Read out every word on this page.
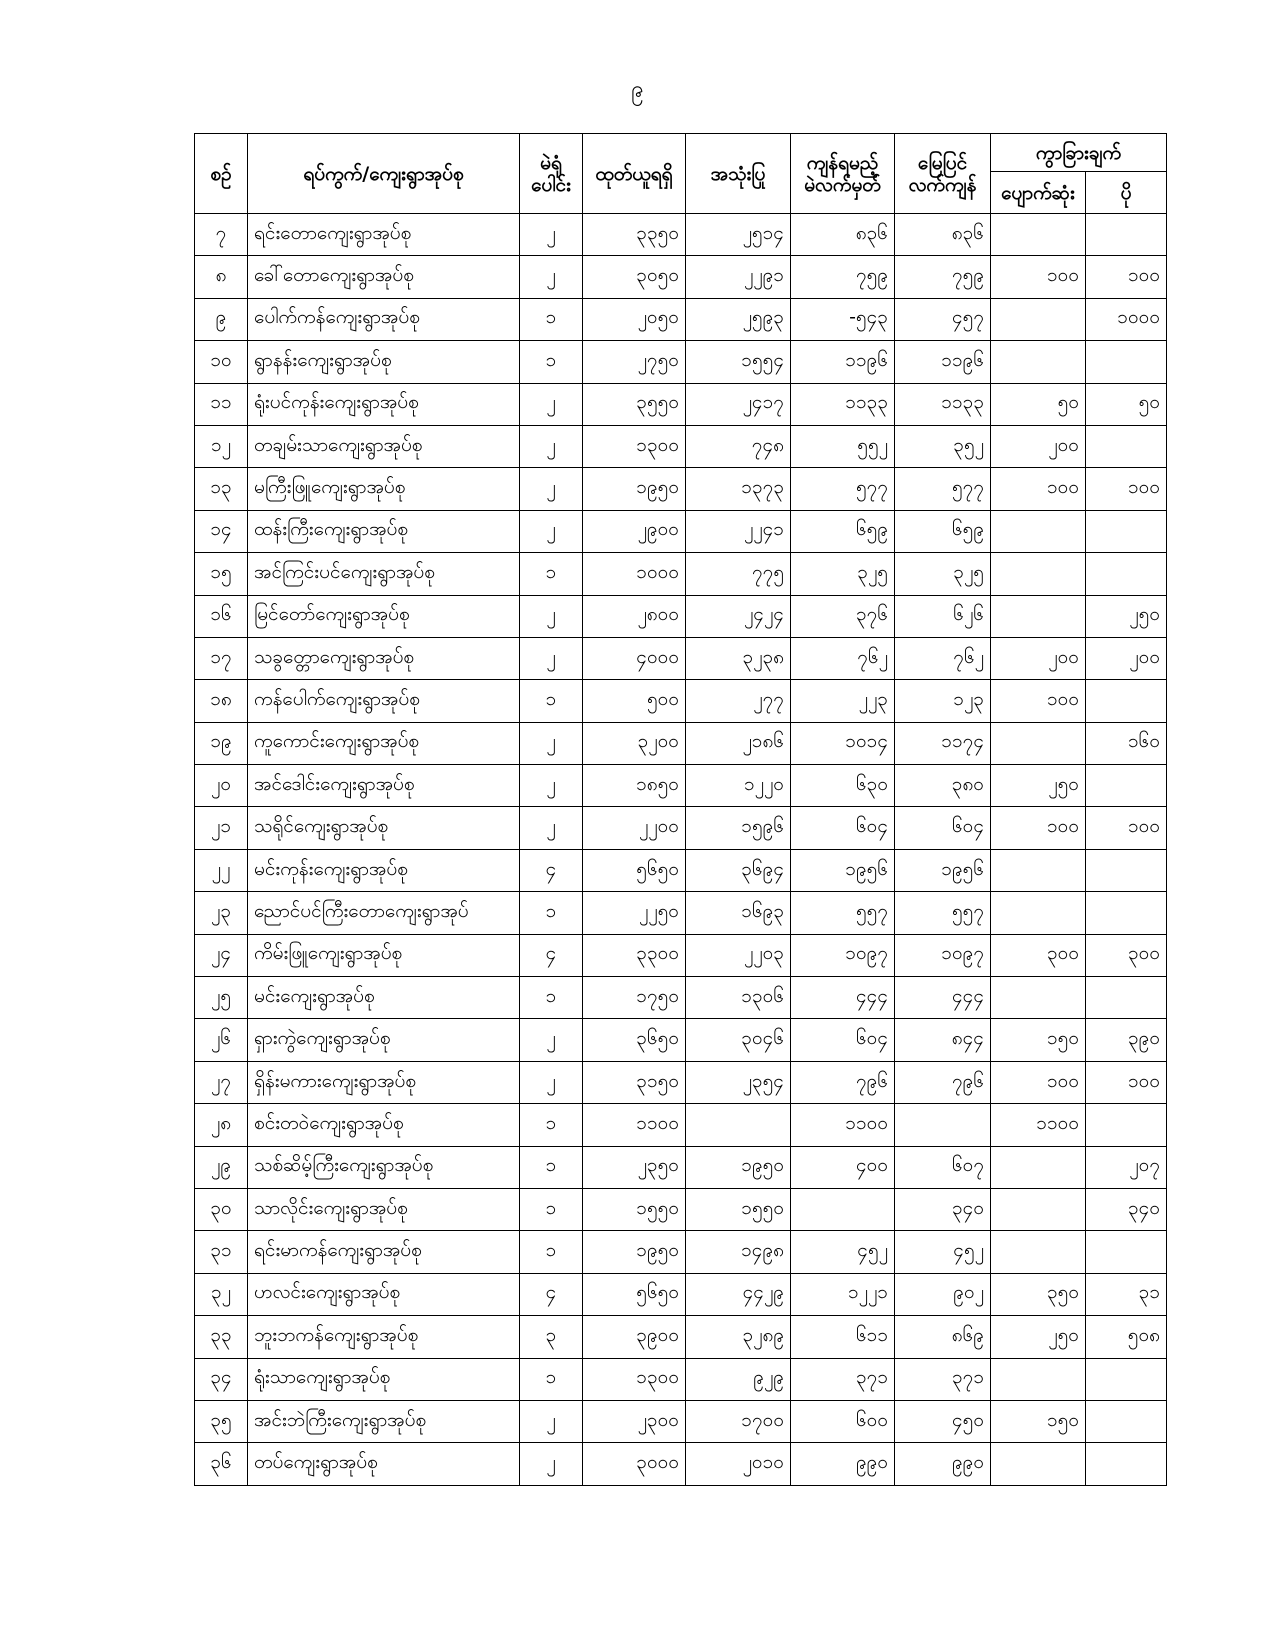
၉
စဉ်	ရပ်ကွက်/ကျေးရွာအုပ်စု	မဲရုံ
ပေါင်း	ထုတ်ယူရရှိ	အသုံးပြု	ကျန်ရမည့်
မဲလက်မှတ်	မြေပြင်
လက်ကျန်	ကွာခြားချက်	
							ပျောက်ဆုံး	ပို
၇	ရင်းတောကျေးရွာအုပ်စု	၂	၃၃၅၀	၂၅၁၄	၈၃၆	၈၃၆		
၈	ခေါ်တောကျေးရွာအုပ်စု	၂	၃၀၅၀	၂၂၉၁	၇၅၉	၇၅၉	၁၀၀	၁၀၀
၉	ပေါက်ကန်ကျေးရွာအုပ်စု	၁	၂၀၅၀	၂၅၉၃	-၅၄၃	၄၅၇		၁၀၀၀
၁၀	ရွာနန်းကျေးရွာအုပ်စု	၁	၂၇၅၀	၁၅၅၄	၁၁၉၆	၁၁၉၆		
၁၁	ရုံးပင်ကုန်းကျေးရွာအုပ်စု	၂	၃၅၅၀	၂၄၁၇	၁၁၃၃	၁၁၃၃	၅၀	၅၀
၁၂	တချမ်းသာကျေးရွာအုပ်စု	၂	၁၃၀၀	၇၄၈	၅၅၂	၃၅၂	၂၀၀	
၁၃	မကြီးဖြူကျေးရွာအုပ်စု	၂	၁၉၅၀	၁၃၇၃	၅၇၇	၅၇၇	၁၀၀	၁၀၀
၁၄	ထန်းကြီးကျေးရွာအုပ်စု	၂	၂၉၀၀	၂၂၄၁	၆၅၉	၆၅၉		
၁၅	အင်ကြင်းပင်ကျေးရွာအုပ်စု	၁	၁၀၀၀	၇၇၅	၃၂၅	၃၂၅		
၁၆	မြင်တော်ကျေးရွာအုပ်စု	၂	၂၈၀၀	၂၄၂၄	၃၇၆	၆၂၆		၂၅၀
၁၇	သခွတ္တောကျေးရွာအုပ်စု	၂	၄၀၀၀	၃၂၃၈	၇၆၂	၇၆၂	၂၀၀	၂၀၀
၁၈	ကန်ပေါက်ကျေးရွာအုပ်စု	၁	၅၀၀	၂၇၇	၂၂၃	၁၂၃	၁၀၀	
၁၉	ကူကောင်းကျေးရွာအုပ်စု	၂	၃၂၀၀	၂၁၈၆	၁၀၁၄	၁၁၇၄		၁၆၀
၂၀	အင်ဒေါင်းကျေးရွာအုပ်စု	၂	၁၈၅၀	၁၂၂၀	၆၃၀	၃၈၀	၂၅၀	
၂၁	သရိုင်ကျေးရွာအုပ်စု	၂	၂၂၀၀	၁၅၉၆	၆၀၄	၆၀၄	၁၀၀	၁၀၀
၂၂	မင်းကုန်းကျေးရွာအုပ်စု	၄	၅၆၅၀	၃၆၉၄	၁၉၅၆	၁၉၅၆		
၂၃	ညောင်ပင်ကြီးတောကျေးရွာအုပ်	၁	၂၂၅၀	၁၆၉၃	၅၅၇	၅၅၇		
၂၄	ကိမ်းဖြူကျေးရွာအုပ်စု	၄	၃၃၀၀	၂၂၀၃	၁၀၉၇	၁၀၉၇	၃၀၀	၃၀၀
၂၅	မင်းကျေးရွာအုပ်စု	၁	၁၇၅၀	၁၃၀၆	၄၄၄	၄၄၄		
၂၆	ရှားကွဲကျေးရွာအုပ်စု	၂	၃၆၅၀	၃၀၄၆	၆၀၄	၈၄၄	၁၅၀	၃၉၀
၂၇	ရှိန်းမကားကျေးရွာအုပ်စု	၂	၃၁၅၀	၂၃၅၄	၇၉၆	၇၉၆	၁၀၀	၁၀၀
၂၈	စင်းတဝဲကျေးရွာအုပ်စု	၁	၁၁၀၀		၁၁၀၀		၁၁၀၀	
၂၉	သစ်ဆိမ့်ကြီးကျေးရွာအုပ်စု	၁	၂၃၅၀	၁၉၅၀	၄၀၀	၆၀၇		၂၀၇
၃၀	သာလိုင်းကျေးရွာအုပ်စု	၁	၁၅၅၀	၁၅၅၀		၃၄၀		၃၄၀
၃၁	ရင်းမာကန်ကျေးရွာအုပ်စု	၁	၁၉၅၀	၁၄၉၈	၄၅၂	၄၅၂		
၃၂	ဟလင်းကျေးရွာအုပ်စု	၄	၅၆၅၀	၄၄၂၉	၁၂၂၁	၉၀၂	၃၅၀	၃၁
၃၃	ဘူးဘကန်ကျေးရွာအုပ်စု	၃	၃၉၀၀	၃၂၈၉	၆၁၁	၈၆၉	၂၅၀	၅၀၈
၃၄	ရုံးသာကျေးရွာအုပ်စု	၁	၁၃၀၀	၉၂၉	၃၇၁	၃၇၁		
၃၅	အင်းဘဲကြီးကျေးရွာအုပ်စု	၂	၂၃၀၀	၁၇၀၀	၆၀၀	၄၅၀	၁၅၀	
၃၆	တပ်ကျေးရွာအုပ်စု	၂	၃၀၀၀	၂၀၁၀	၉၉၀	၉၉၀		
